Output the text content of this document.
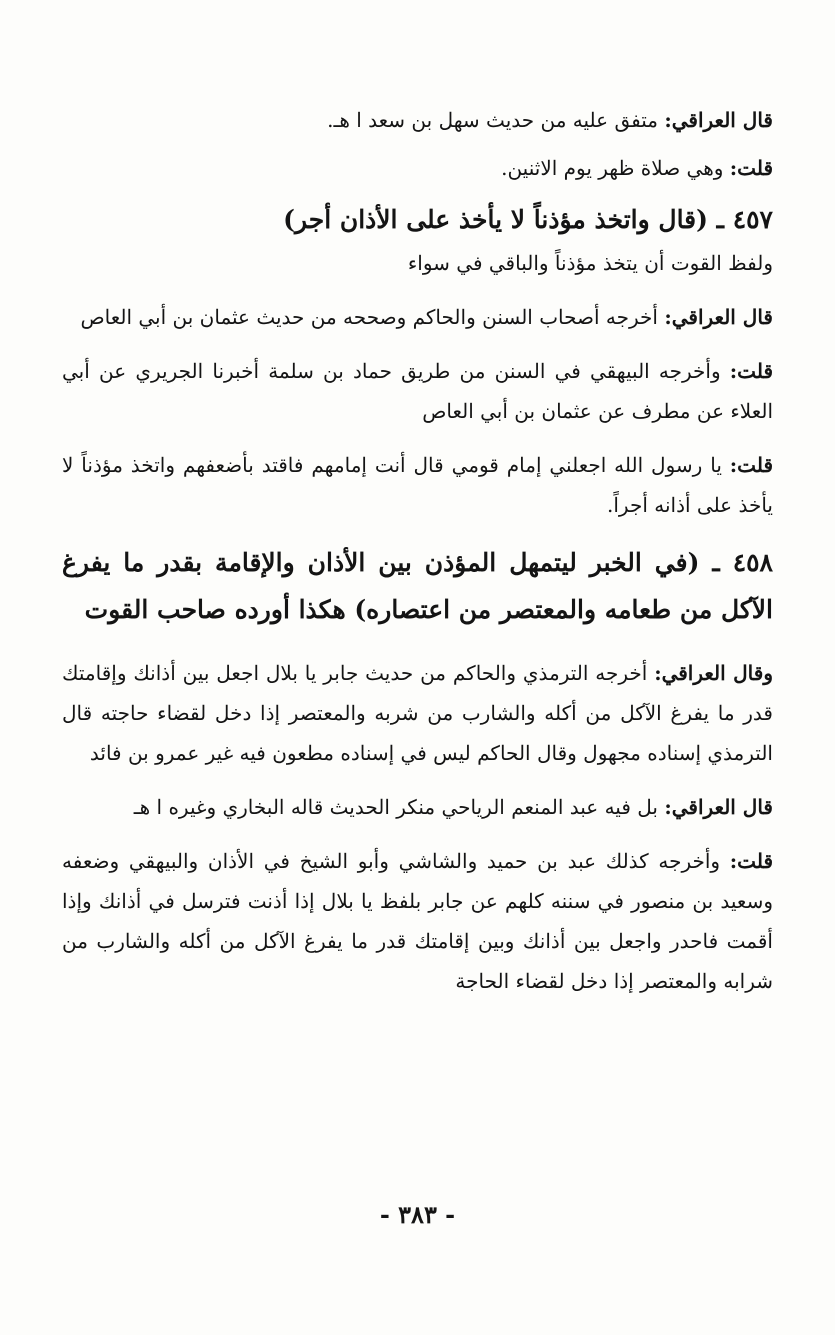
قال العراقي: متفق عليه من حديث سهل بن سعد ا هـ.

قلت: وهي صلاة ظهر يوم الاثنين.

٤٥٧ ـ (قال واتخذ مؤذناً لا يأخذ على الأذان أجر)

ولفظ القوت أن يتخذ مؤذناً والباقي في سواء

قال العراقي: أخرجه أصحاب السنن والحاكم وصححه من حديث عثمان بن أبي العاص

قلت: وأخرجه البيهقي في السنن من طريق حماد بن سلمة أخبرنا الجريري عن أبي العلاء عن مطرف عن عثمان بن أبي العاص

قلت: يا رسول الله اجعلني إمام قومي قال أنت إمامهم فاقتد بأضعفهم واتخذ مؤذناً لا يأخذ على أذانه أجراً.

٤٥٨ ـ (في الخبر ليتمهل المؤذن بين الأذان والإقامة بقدر ما يفرغ الآكل من طعامه والمعتصر من اعتصاره) هكذا أورده صاحب القوت

وقال العراقي: أخرجه الترمذي والحاكم من حديث جابر يا بلال اجعل بين أذانك وإقامتك قدر ما يفرغ الآكل من أكله والشارب من شربه والمعتصر إذا دخل لقضاء حاجته قال الترمذي إسناده مجهول وقال الحاكم ليس في إسناده مطعون فيه غير عمرو بن فائد

قال العراقي: بل فيه عبد المنعم الرياحي منكر الحديث قاله البخاري وغيره ا هـ

قلت: وأخرجه كذلك عبد بن حميد والشاشي وأبو الشيخ في الأذان والبيهقي وضعفه وسعيد بن منصور في سننه كلهم عن جابر بلفظ يا بلال إذا أذنت فترسل في أذانك وإذا أقمت فاحدر واجعل بين أذانك وبين إقامتك قدر ما يفرغ الآكل من أكله والشارب من شرابه والمعتصر إذا دخل لقضاء الحاجة

- ٣٨٣ -
